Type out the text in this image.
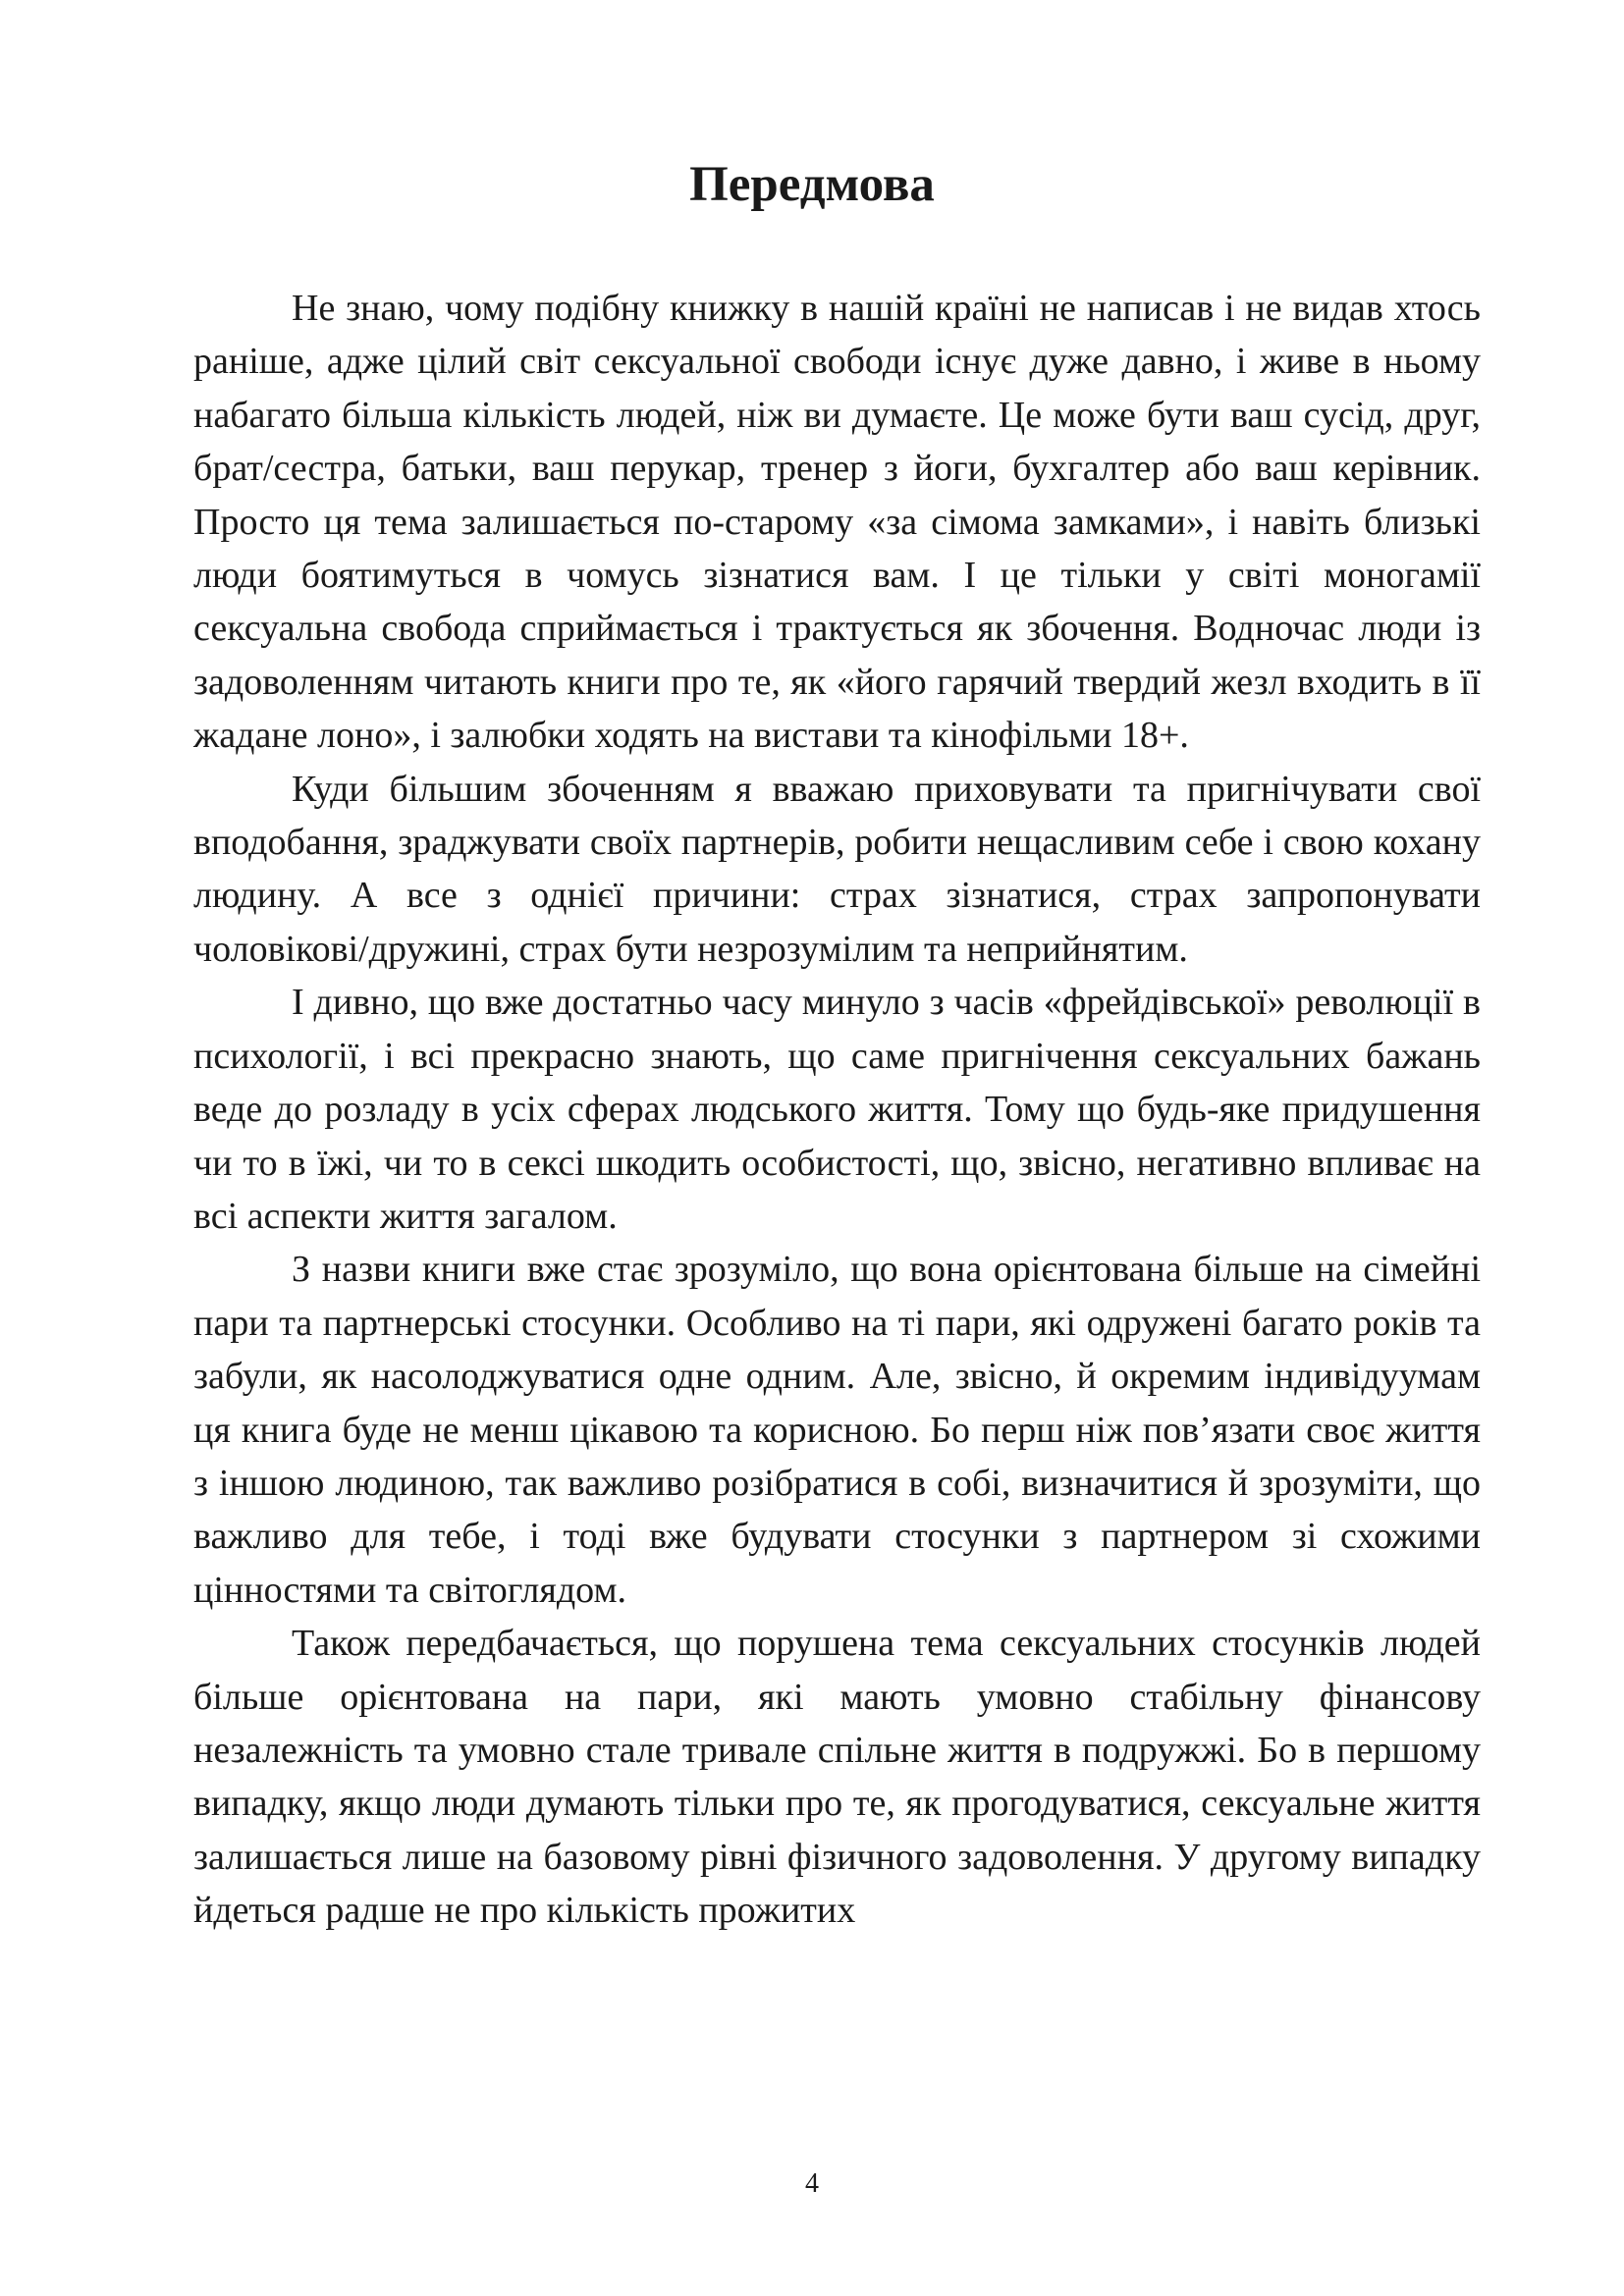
Передмова

Не знаю, чому подібну книжку в нашій країні не написав і не видав хтось раніше, адже цілий світ сексуальної свободи існує дуже давно, і живе в ньому набагато більша кількість людей, ніж ви думаєте. Це може бути ваш сусід, друг, брат/сестра, батьки, ваш перукар, тренер з йоги, бухгалтер або ваш керівник. Просто ця тема залишається по-старому «за сімома замками», і навіть близькі люди боятимуться в чомусь зізнатися вам. І це тільки у світі моногамії сексуальна свобода сприймається і трактується як збочення. Водночас люди із задоволенням читають книги про те, як «його гарячий твердий жезл входить в її жадане лоно», і залюбки ходять на вистави та кінофільми 18+.

Куди більшим збоченням я вважаю приховувати та пригнічувати свої вподобання, зраджувати своїх партнерів, робити нещасливим себе і свою кохану людину. А все з однієї причини: страх зізнатися, страх запропонувати чоловікові/дружині, страх бути незрозумілим та неприйнятим.

І дивно, що вже достатньо часу минуло з часів «фрейдівської» революції в психології, і всі прекрасно знають, що саме пригнічення сексуальних бажань веде до розладу в усіх сферах людського життя. Тому що будь-яке придушення чи то в їжі, чи то в сексі шкодить особистості, що, звісно, негативно впливає на всі аспекти життя загалом.

З назви книги вже стає зрозуміло, що вона орієнтована більше на сімейні пари та партнерські стосунки. Особливо на ті пари, які одружені багато років та забули, як насолоджуватися одне одним. Але, звісно, й окремим індивідуумам ця книга буде не менш цікавою та корисною. Бо перш ніж пов’язати своє життя з іншою людиною, так важливо розібратися в собі, визначитися й зрозуміти, що важливо для тебе, і тоді вже будувати стосунки з партнером зі схожими цінностями та світоглядом.

Також передбачається, що порушена тема сексуальних стосунків людей більше орієнтована на пари, які мають умовно стабільну фінансову незалежність та умовно стале тривале спільне життя в подружжі. Бо в першому випадку, якщо люди думають тільки про те, як прогодуватися, сексуальне життя залишається лише на базовому рівні фізичного задоволення. У другому випадку йдеться радше не про кількість прожитих

4
